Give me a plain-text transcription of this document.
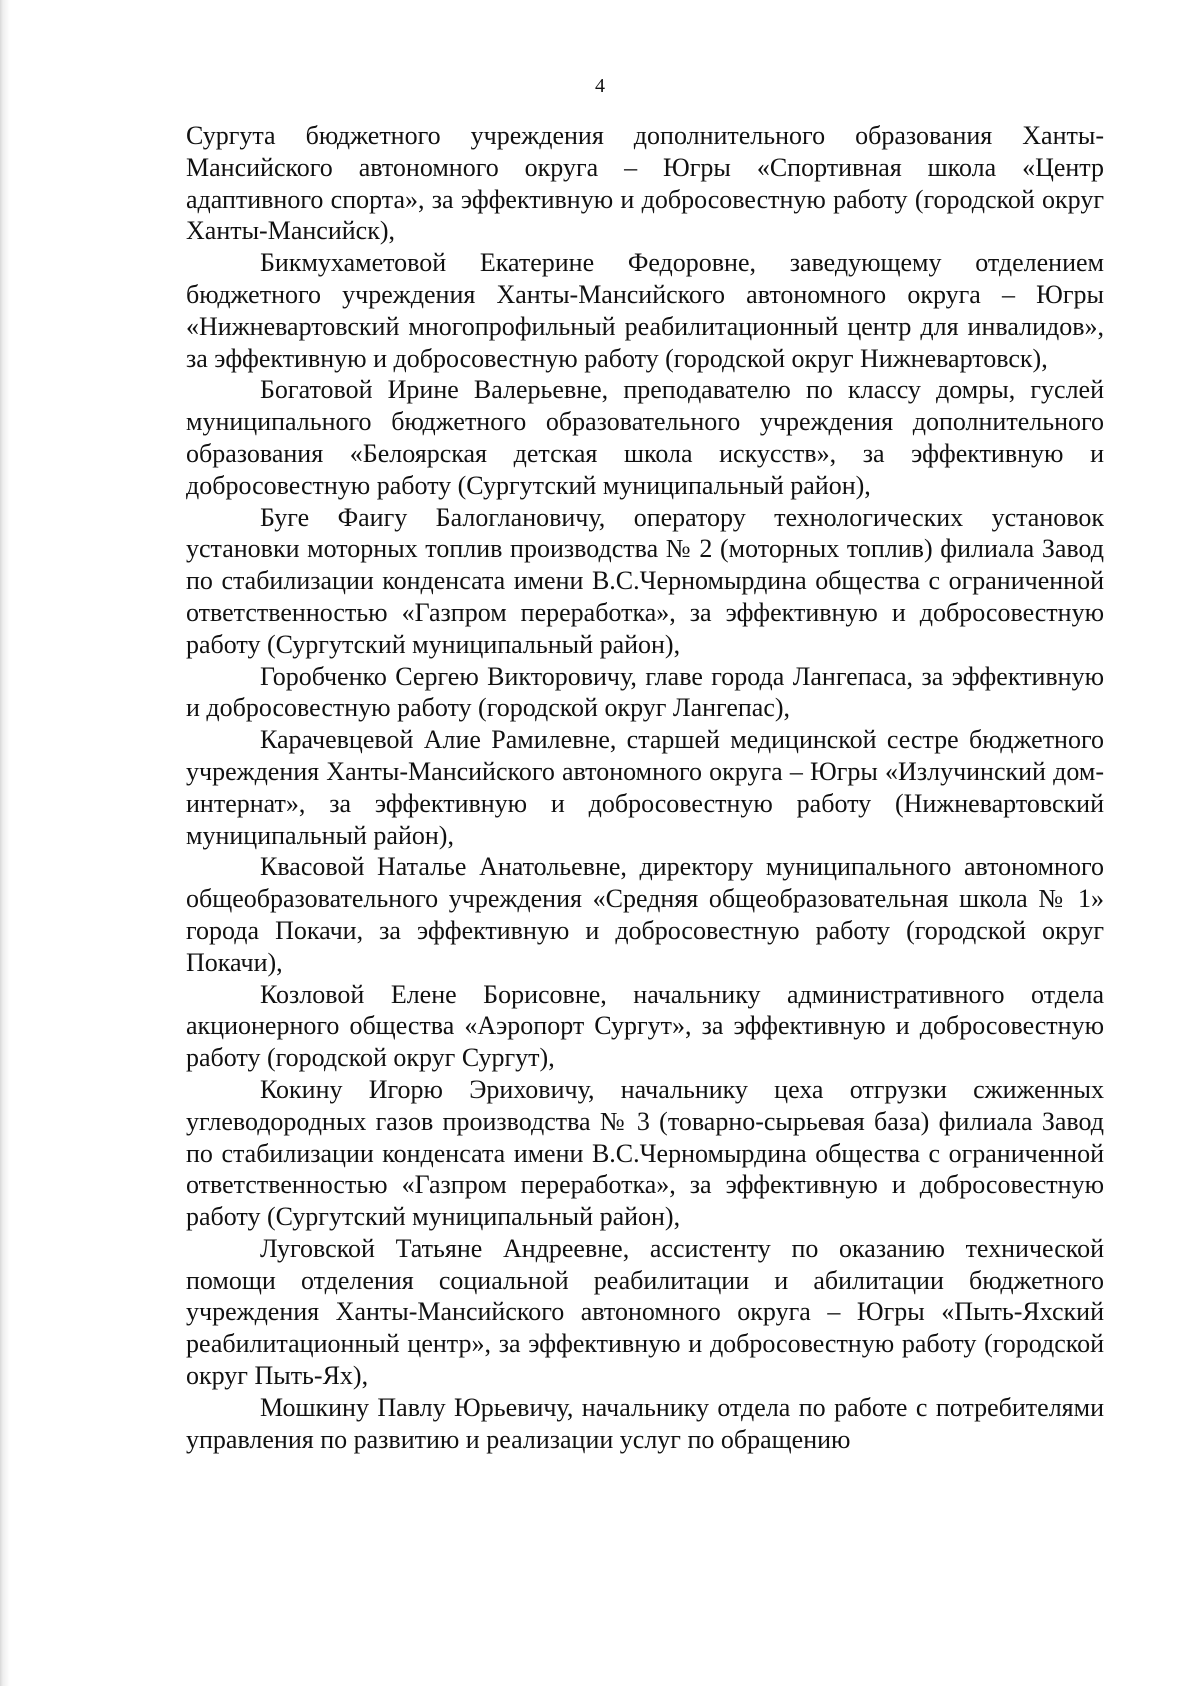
4

Сургута бюджетного учреждения дополнительного образования Ханты-Мансийского автономного округа – Югры «Спортивная школа «Центр адаптивного спорта», за эффективную и добросовестную работу (городской округ Ханты-Мансийск),

Бикмухаметовой Екатерине Федоровне, заведующему отделением бюджетного учреждения Ханты-Мансийского автономного округа – Югры «Нижневартовский многопрофильный реабилитационный центр для инвалидов», за эффективную и добросовестную работу (городской округ Нижневартовск),

Богатовой Ирине Валерьевне, преподавателю по классу домры, гуслей муниципального бюджетного образовательного учреждения дополнительного образования «Белоярская детская школа искусств», за эффективную и добросовестную работу (Сургутский муниципальный район),

Буге Фаигу Балоглановичу, оператору технологических установок установки моторных топлив производства № 2 (моторных топлив) филиала Завод по стабилизации конденсата имени В.С.Черномырдина общества с ограниченной ответственностью «Газпром переработка», за эффективную и добросовестную работу (Сургутский муниципальный район),

Горобченко Сергею Викторовичу, главе города Лангепаса, за эффективную и добросовестную работу (городской округ Лангепас),

Карачевцевой Алие Рамилевне, старшей медицинской сестре бюджетного учреждения Ханты-Мансийского автономного округа – Югры «Излучинский дом-интернат», за эффективную и добросовестную работу (Нижневартовский муниципальный район),

Квасовой Наталье Анатольевне, директору муниципального автономного общеобразовательного учреждения «Средняя общеобразовательная школа № 1» города Покачи, за эффективную и добросовестную работу (городской округ Покачи),

Козловой Елене Борисовне, начальнику административного отдела акционерного общества «Аэропорт Сургут», за эффективную и добросовестную работу (городской округ Сургут),

Кокину Игорю Эриховичу, начальнику цеха отгрузки сжиженных углеводородных газов производства № 3 (товарно-сырьевая база) филиала Завод по стабилизации конденсата имени В.С.Черномырдина общества с ограниченной ответственностью «Газпром переработка», за эффективную и добросовестную работу (Сургутский муниципальный район),

Луговской Татьяне Андреевне, ассистенту по оказанию технической помощи отделения социальной реабилитации и абилитации бюджетного учреждения Ханты-Мансийского автономного округа – Югры «Пыть-Яхский реабилитационный центр», за эффективную и добросовестную работу (городской округ Пыть-Ях),

Мошкину Павлу Юрьевичу, начальнику отдела по работе с потребителями управления по развитию и реализации услуг по обращению
